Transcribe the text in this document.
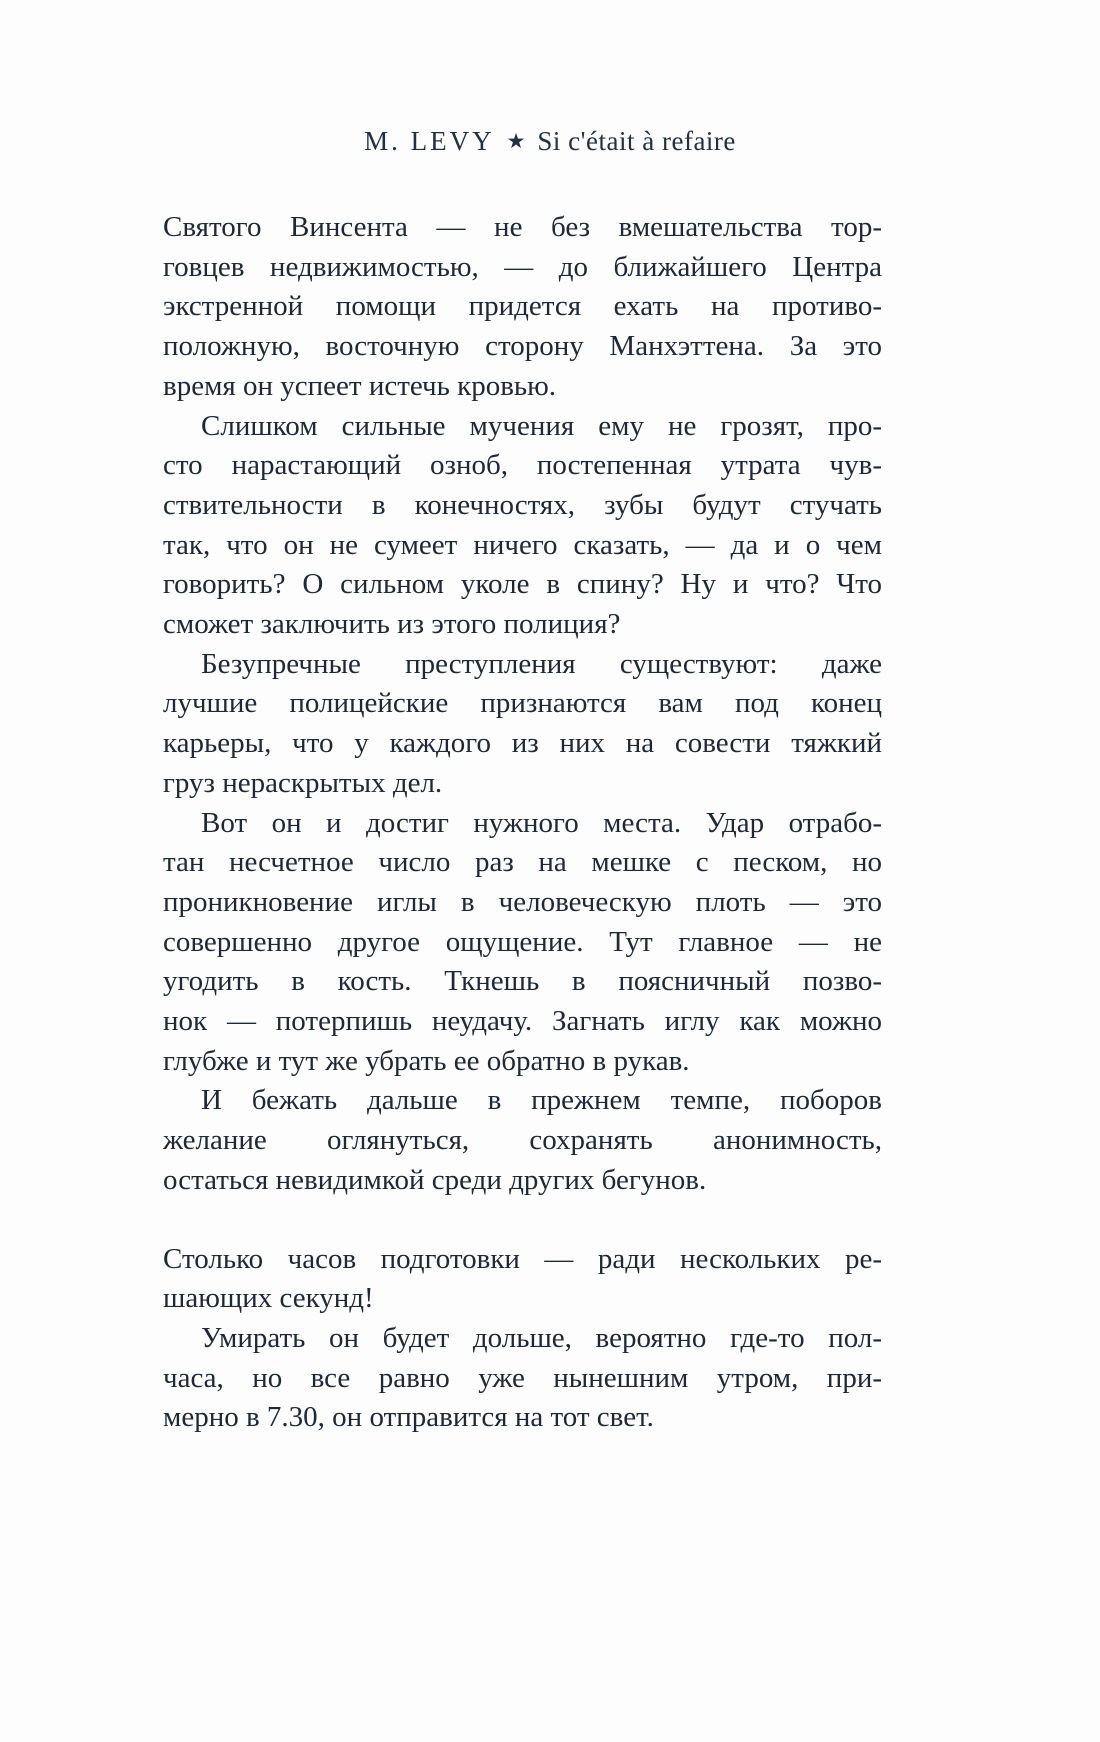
M. LEVY ★ Si c'était à refaire
Святого Винсента — не без вмешательства тор-
говцев недвижимостью, — до ближайшего Центра
экстренной помощи придется ехать на противо-
положную, восточную сторону Манхэттена. За это
время он успеет истечь кровью.
Слишком сильные мучения ему не грозят, про-
сто нарастающий озноб, постепенная утрата чув-
ствительности в конечностях, зубы будут стучать
так, что он не сумеет ничего сказать, — да и о чем
говорить? О сильном уколе в спину? Ну и что? Что
сможет заключить из этого полиция?
Безупречные преступления существуют: даже
лучшие полицейские признаются вам под конец
карьеры, что у каждого из них на совести тяжкий
груз нераскрытых дел.
Вот он и достиг нужного места. Удар отрабо-
тан несчетное число раз на мешке с песком, но
проникновение иглы в человеческую плоть — это
совершенно другое ощущение. Тут главное — не
угодить в кость. Ткнешь в поясничный позво-
нок — потерпишь неудачу. Загнать иглу как можно
глубже и тут же убрать ее обратно в рукав.
И бежать дальше в прежнем темпе, поборов
желание оглянуться, сохранять анонимность,
остаться невидимкой среди других бегунов.
Столько часов подготовки — ради нескольких ре-
шающих секунд!
Умирать он будет дольше, вероятно где-то пол-
часа, но все равно уже нынешним утром, при-
мерно в 7.30, он отправится на тот свет.
